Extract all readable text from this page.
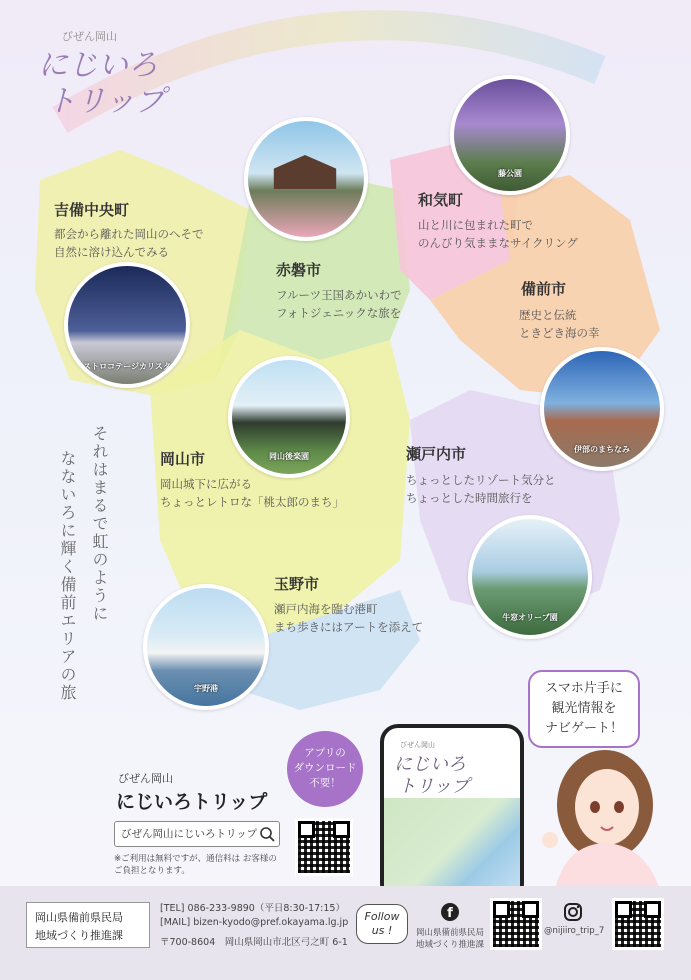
びぜん岡山
にじいろ
トリップ
藤公園
ストロコテージカリスタ
岡山後楽園
伊部のまちなみ
牛窓オリーブ園
宇野港
吉備中央町
都会から離れた岡山のへそで
自然に溶け込んでみる
赤磐市
フルーツ王国あかいわで
フォトジェニックな旅を
和気町
山と川に包まれた町で
のんびり気ままなサイクリング
備前市
歴史と伝統
ときどき海の幸
岡山市
岡山城下に広がる
ちょっとレトロな「桃太郎のまち」
瀬戸内市
ちょっとしたリゾート気分と
ちょっとした時間旅行を
玉野市
瀬戸内海を臨む港町
まち歩きにはアートを添えて
それはまるで虹のように
なないろに輝く備前エリアの旅
アプリの
ダウンロード
不要！
びぜん岡山
にじいろトリップ
びぜん岡山にじいろトリップ
※ご利用は無料ですが、通信料は お客様の
ご負担となります。
びぜん岡山
にじいろ
トリップ
スマホ片手に
観光情報を
ナビゲート！
岡山県備前県民局
地域づくり推進課
[TEL] 086-233-9890（平日8:30-17:15）
[MAIL] bizen-kyodo@pref.okayama.lg.jp
〒700-8604　岡山県岡山市北区弓之町 6-1
Follow us !
f
岡山県備前県民局
地域づくり推進課
@nijiiro_trip_7
